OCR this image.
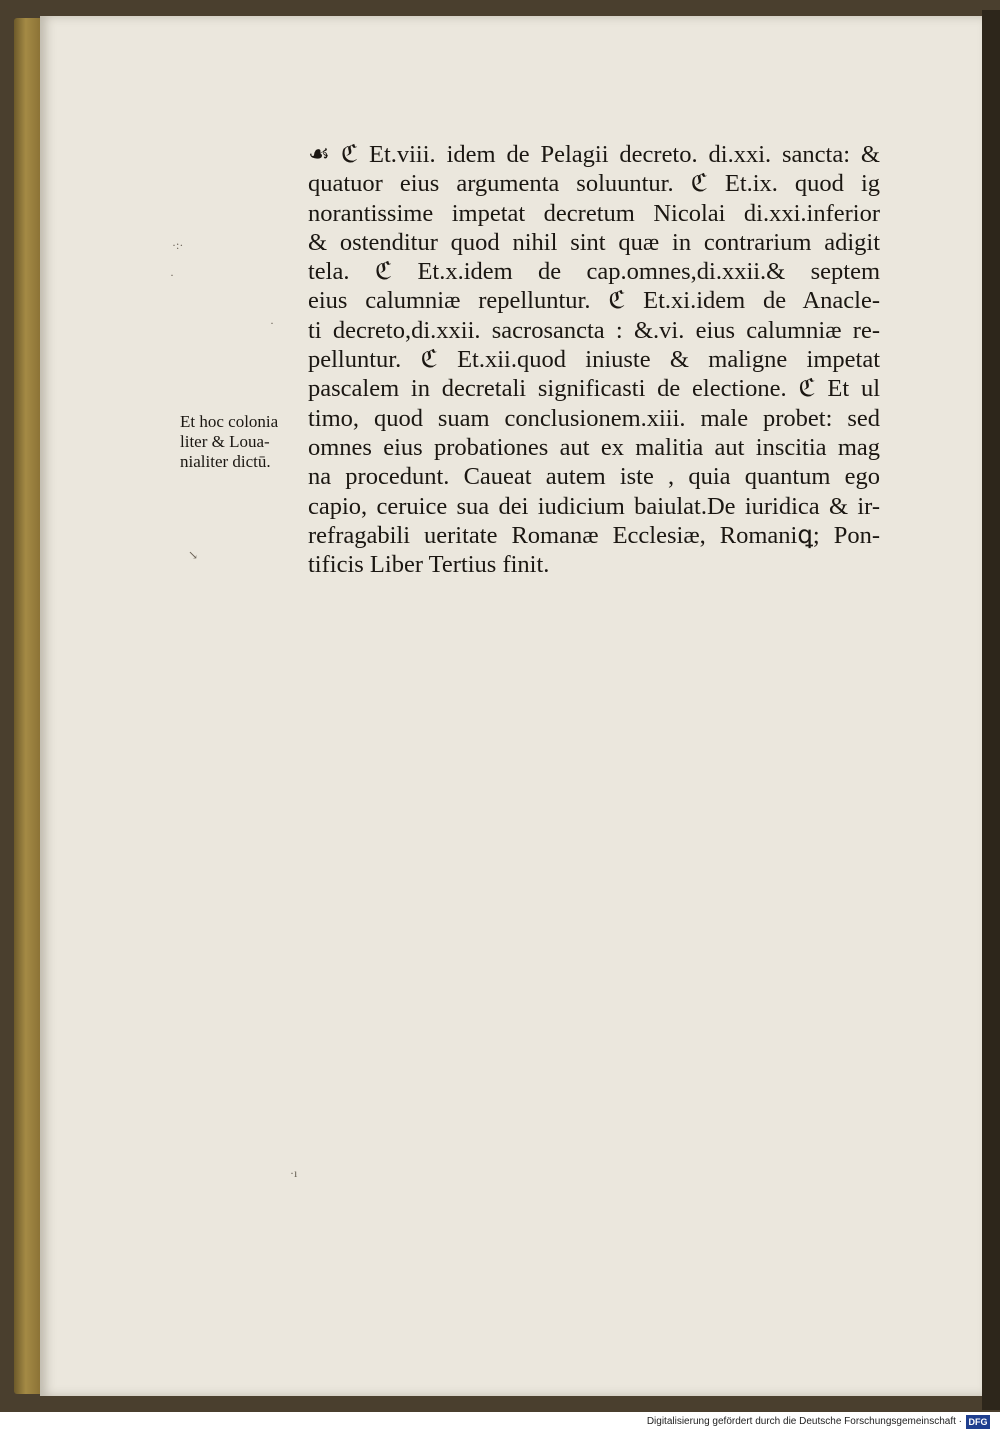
·:·
·
·
↘
·ı
☙ ℭ Et.viii. idem de Pelagii decreto. di.xxi. sancta: &
quatuor eius argumenta soluuntur. ℭ Et.ix. quod ig
norantissime impetat decretum Nicolai di.xxi.inferior
& ostenditur quod nihil sint quæ in contrarium adigit
tela. ℭ Et.x.idem de cap.omnes,di.xxii.& septem
eius calumniæ repelluntur. ℭ Et.xi.idem de Anacle-
ti decreto,di.xxii. sacrosancta : &.vi. eius calumniæ re-
pelluntur. ℭ Et.xii.quod iniuste & maligne impetat
pascalem in decretali significasti de electione. ℭ Et ul
timo, quod suam conclusionem.xiii. male probet: sed
omnes eius probationes aut ex malitia aut inscitia mag
na procedunt. Caueat autem iste , quia quantum ego
capio, ceruice sua dei iudicium baiulat.De iuridica & ir-
refragabili ueritate Romanæ Ecclesiæ, Romaniꝗ; Pon-
tificis Liber Tertius finit.
Et hoc colonia
liter & Loua-
nialiter dictū.
Digitalisierung gefördert durch die Deutsche Forschungsgemeinschaft · DFG
